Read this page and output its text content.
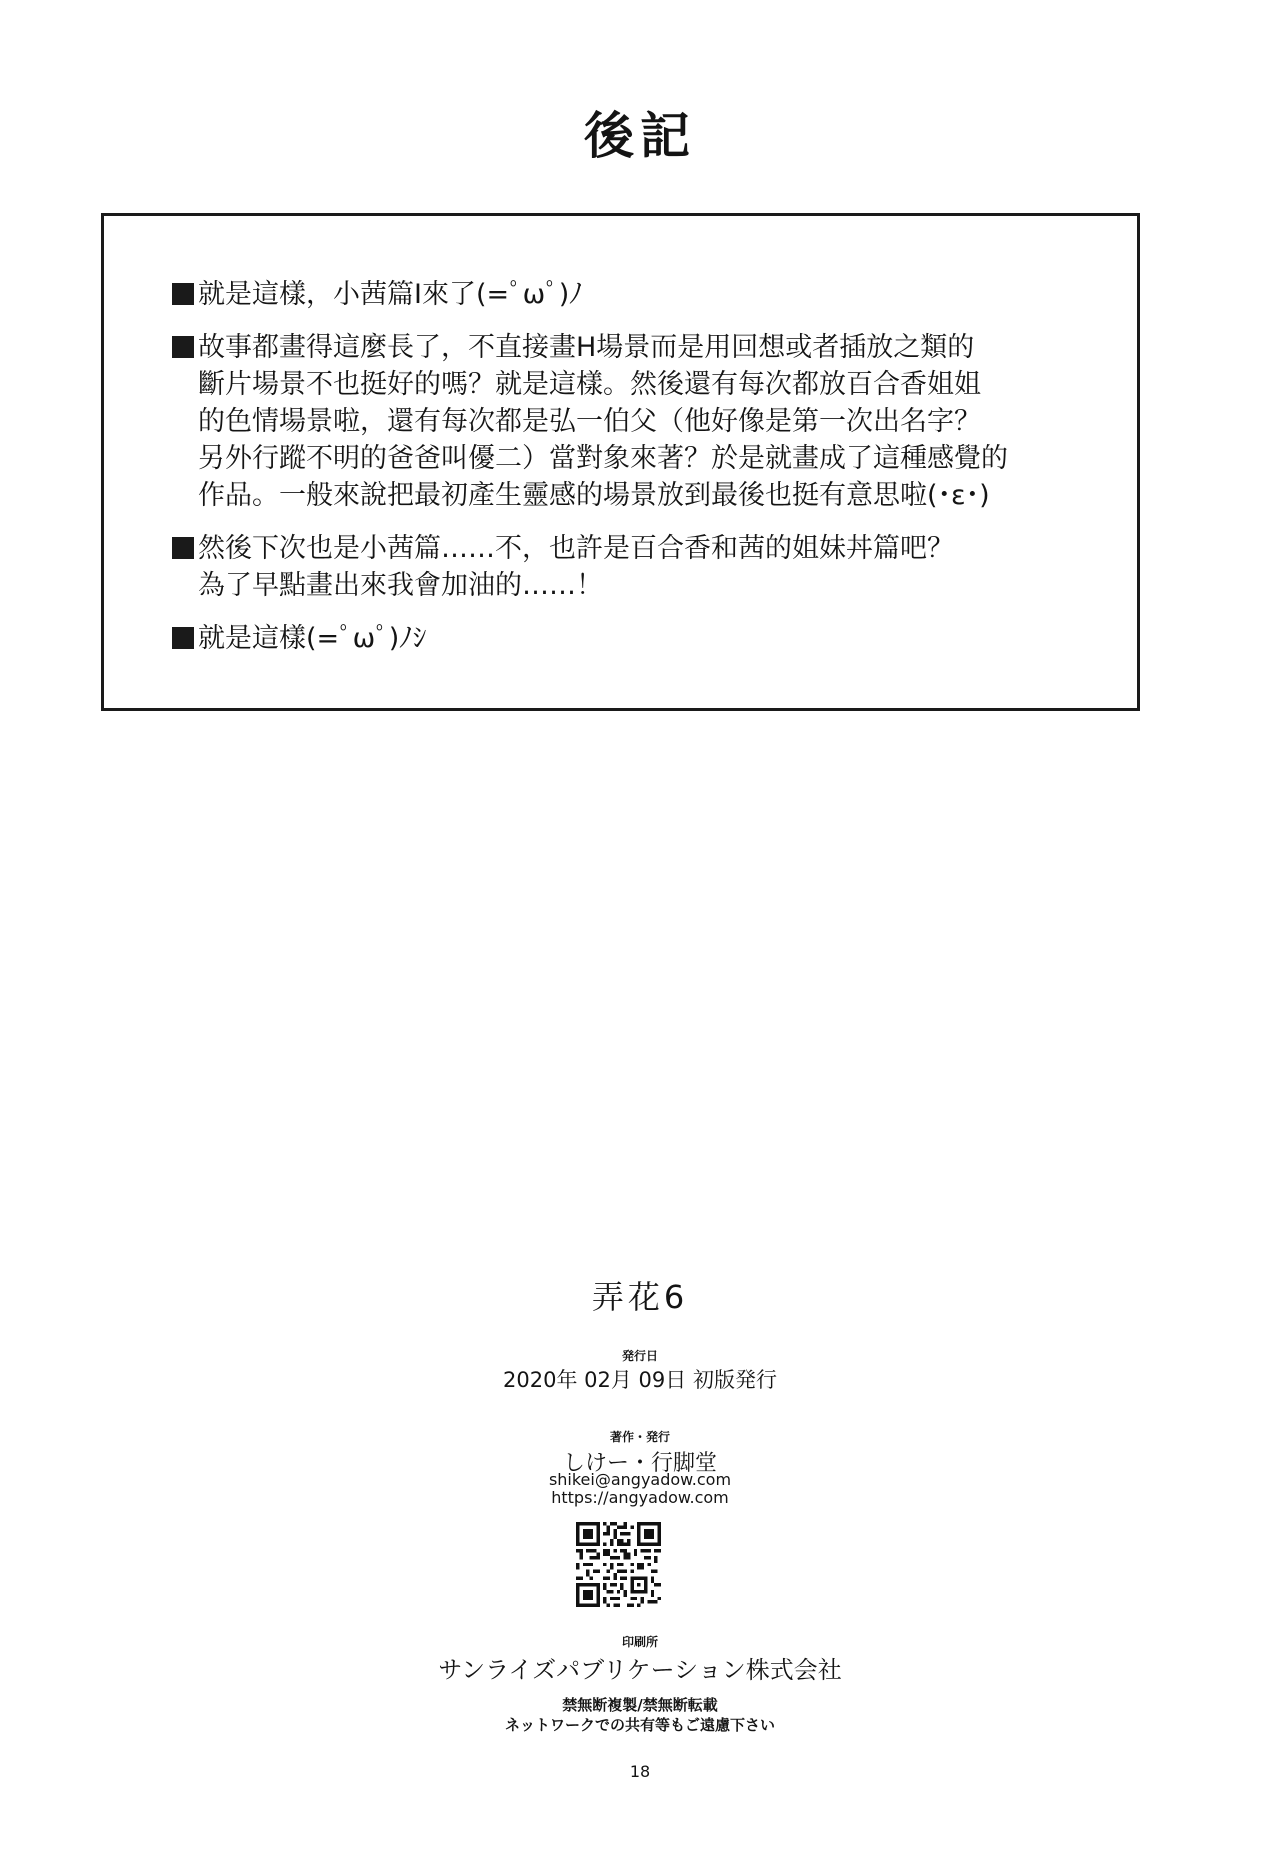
後記
就是這樣，小茜篇Ⅰ來了(=ﾟωﾟ)ﾉ
故事都畫得這麼長了，不直接畫H場景而是用回想或者插放之類的
斷片場景不也挺好的嗎？就是這樣。然後還有每次都放百合香姐姐
的色情場景啦，還有每次都是弘一伯父（他好像是第一次出名字？
另外行蹤不明的爸爸叫優二）當對象來著？於是就畫成了這種感覺的
作品。一般來說把最初產生靈感的場景放到最後也挺有意思啦(･ε･)
然後下次也是小茜篇……不，也許是百合香和茜的姐妹丼篇吧？
為了早點畫出來我會加油的……！
就是這樣(=ﾟωﾟ)ﾉｼ
弄花6
発行日
2020年 02月 09日 初版発行
著作・発行
しけー・行脚堂
shikei@angyadow.com
https://angyadow.com
印刷所
サンライズパブリケーション株式会社
禁無断複製/禁無断転載
ネットワークでの共有等もご遠慮下さい
18
